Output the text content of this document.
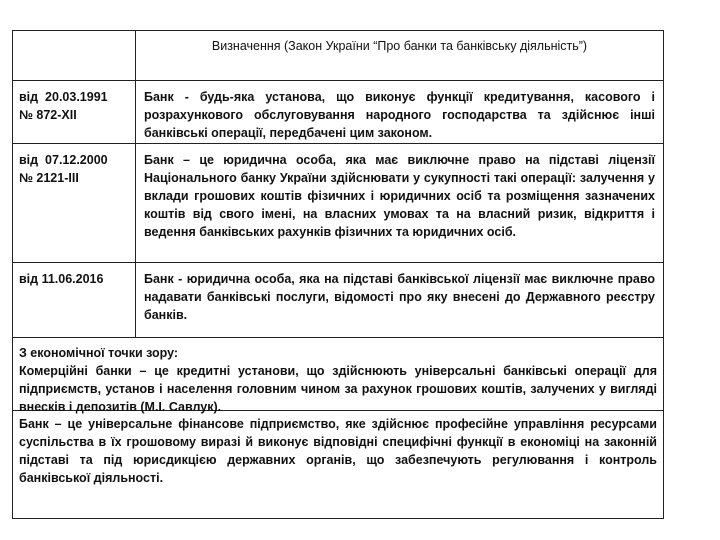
Визначення (Закон України “Про банки та банківську діяльність”)
від  20.03.1991
№ 872-XII
Банк - будь-яка установа, що виконує функції кредитування, касового і розрахункового обслуговування народного господарства та здійснює інші банківські операції, передбачені цим законом.
від  07.12.2000
№ 2121-III
Банк – це юридична особа, яка має виключне право на підставі ліцензії Національного банку України здійснювати у сукупності такі операції: залучення у вклади грошових коштів фізичних і юридичних осіб та розміщення зазначених коштів від свого імені, на власних умовах та на власний ризик, відкриття і ведення банківських рахунків фізичних та юридичних осіб.
від 11.06.2016	Банк - юридична особа, яка на підставі банківської ліцензії має виключне право надавати банківські послуги, відомості про яку внесені до Державного реєстру банків.
З економічної точки зору:
Комерційні банки – це кредитні установи, що здійснюють універсальні банківські операції для підприємств, установ і населення головним чином за рахунок грошових коштів, залучених у вигляді внесків і депозитів (М.І. Савлук).
Банк – це універсальне фінансове підприємство, яке здійснює професійне управління ресурсами суспільства в їх грошовому виразі й виконує відповідні специфічні функції в економіці на законній підставі та під юрисдикцією державних органів, що забезпечують регулювання і контроль банківської діяльності.
